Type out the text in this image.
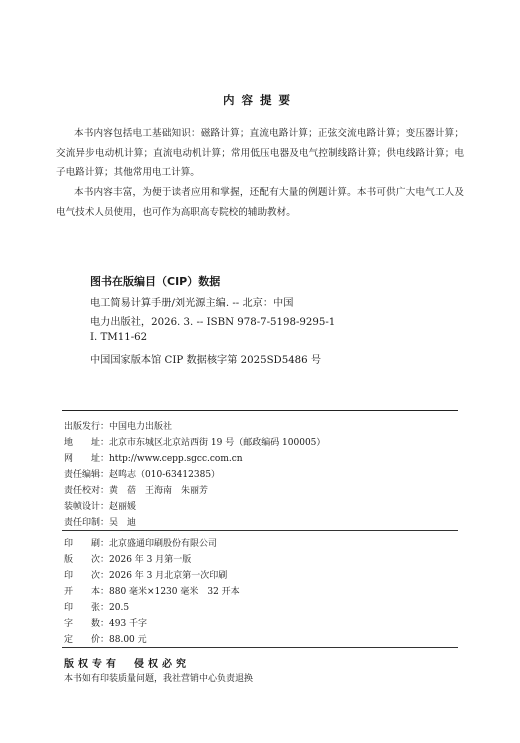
内容提要
本书内容包括电工基础知识：磁路计算；直流电路计算；正弦交流电路计算；变压器计算；交流异步电动机计算；直流电动机计算；常用低压电器及电气控制线路计算；供电线路计算；电子电路计算；其他常用电工计算。
本书内容丰富，为便于读者应用和掌握，还配有大量的例题计算。本书可供广大电气工人及电气技术人员使用，也可作为高职高专院校的辅助教材。
图书在版编目（CIP）数据
电工简易计算手册/刘光源主编. -- 北京：中国
电力出版社，2026. 3. -- ISBN 978-7-5198-9295-1
Ⅰ. TM11-62
中国国家版本馆 CIP 数据核字第 2025SD5486 号
出版发行：中国电力出版社
地　　址：北京市东城区北京站西街 19 号（邮政编码 100005）
网　　址：http://www.cepp.sgcc.com.cn
责任编辑：赵鸣志（010-63412385）
责任校对：黄　蓓　王海南　朱丽芳
装帧设计：赵丽媛
责任印制：吴　迪
印　　刷：北京盛通印刷股份有限公司
版　　次：2026 年 3 月第一版
印　　次：2026 年 3 月北京第一次印刷
开　　本：880 毫米×1230 毫米　32 开本
印　　张：20.5
字　　数：493 千字
定　　价：88.00 元
版权专有　侵权必究
本书如有印装质量问题，我社营销中心负责退换
